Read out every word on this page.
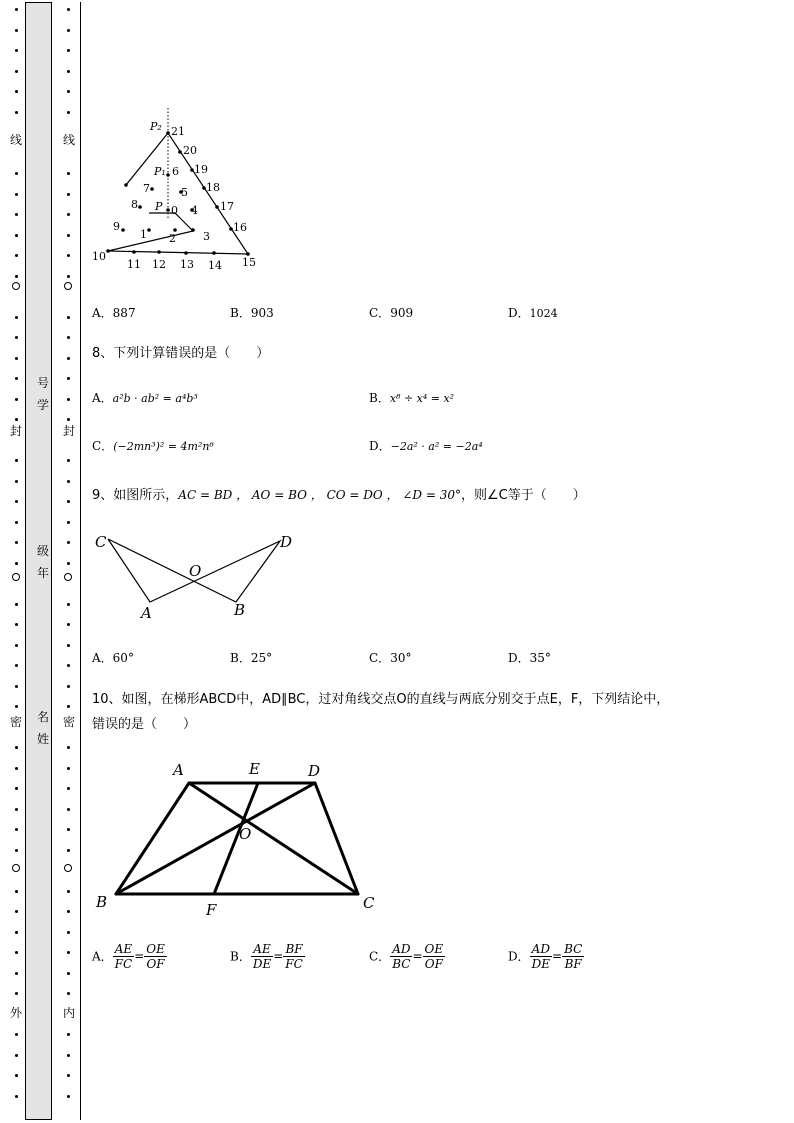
线
封
密
外
线
封
密
内
号
学
级
年
名
姓
P₂
P₁
P 0
1 2 3
4
5
6
7
8
9
10
11 12 13 14 15
16
17
18
19
20
21
A．887	B．903	C．909	D．1024
8、下列计算错误的是（　　）
A．a²b · ab² = a⁴b³	B．x⁸ ÷ x⁴ = x²
C．(−2mn³)² = 4m²n⁶	D．−2a² · a² = −2a⁴
9、如图所示，AC = BD ， AO = BO ， CO = DO ， ∠D = 30°，则∠C等于（　　）
C	D
O
A	B
A．60°	B．25°	C．30°	D．35°
10、如图，在梯形ABCD中，AD∥BC，过对角线交点O的直线与两底分别交于点E，F，下列结论中，
错误的是（　　）
A	E	D
O
B	F	C
A． $\frac{AE}{FC} = \frac{OE}{OF}$	B． $\frac{AE}{DE} = \frac{BF}{FC}$	C． $\frac{AD}{BC} = \frac{OE}{OF}$	D． $\frac{AD}{DE} = \frac{BC}{BF}$
